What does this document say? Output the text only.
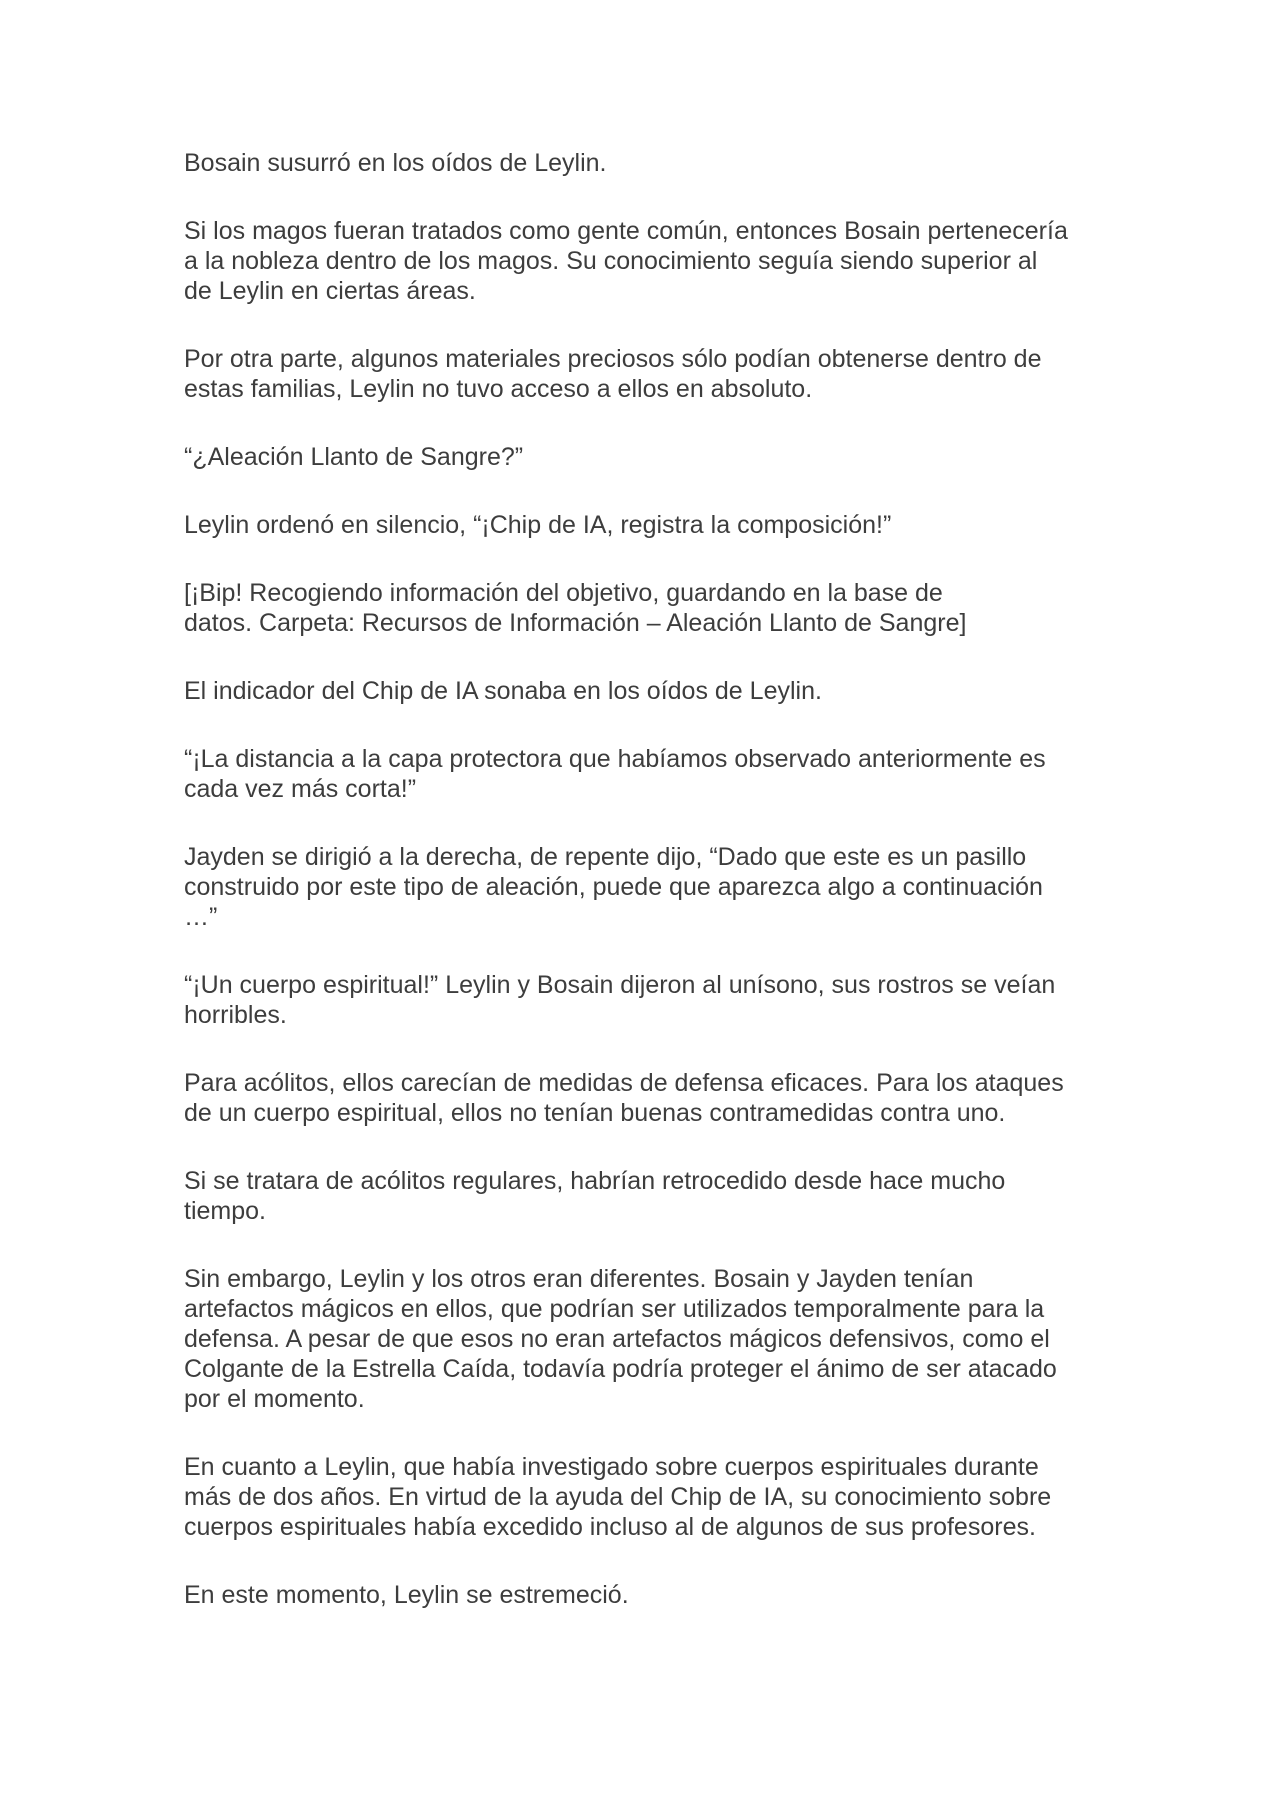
Bosain susurró en los oídos de Leylin.

Si los magos fueran tratados como gente común, entonces Bosain pertenecería
a la nobleza dentro de los magos. Su conocimiento seguía siendo superior al
de Leylin en ciertas áreas.

Por otra parte, algunos materiales preciosos sólo podían obtenerse dentro de
estas familias, Leylin no tuvo acceso a ellos en absoluto.

“¿Aleación Llanto de Sangre?”

Leylin ordenó en silencio, “¡Chip de IA, registra la composición!”

[¡Bip! Recogiendo información del objetivo, guardando en la base de
datos. Carpeta: Recursos de Información – Aleación Llanto de Sangre]

El indicador del Chip de IA sonaba en los oídos de Leylin.

“¡La distancia a la capa protectora que habíamos observado anteriormente es
cada vez más corta!”

Jayden se dirigió a la derecha, de repente dijo, “Dado que este es un pasillo
construido por este tipo de aleación, puede que aparezca algo a continuación
…”

“¡Un cuerpo espiritual!” Leylin y Bosain dijeron al unísono, sus rostros se veían
horribles.

Para acólitos, ellos carecían de medidas de defensa eficaces. Para los ataques
de un cuerpo espiritual, ellos no tenían buenas contramedidas contra uno.

Si se tratara de acólitos regulares, habrían retrocedido desde hace mucho
tiempo.

Sin embargo, Leylin y los otros eran diferentes. Bosain y Jayden tenían
artefactos mágicos en ellos, que podrían ser utilizados temporalmente para la
defensa. A pesar de que esos no eran artefactos mágicos defensivos, como el
Colgante de la Estrella Caída, todavía podría proteger el ánimo de ser atacado
por el momento.

En cuanto a Leylin, que había investigado sobre cuerpos espirituales durante
más de dos años. En virtud de la ayuda del Chip de IA, su conocimiento sobre
cuerpos espirituales había excedido incluso al de algunos de sus profesores.

En este momento, Leylin se estremeció.
